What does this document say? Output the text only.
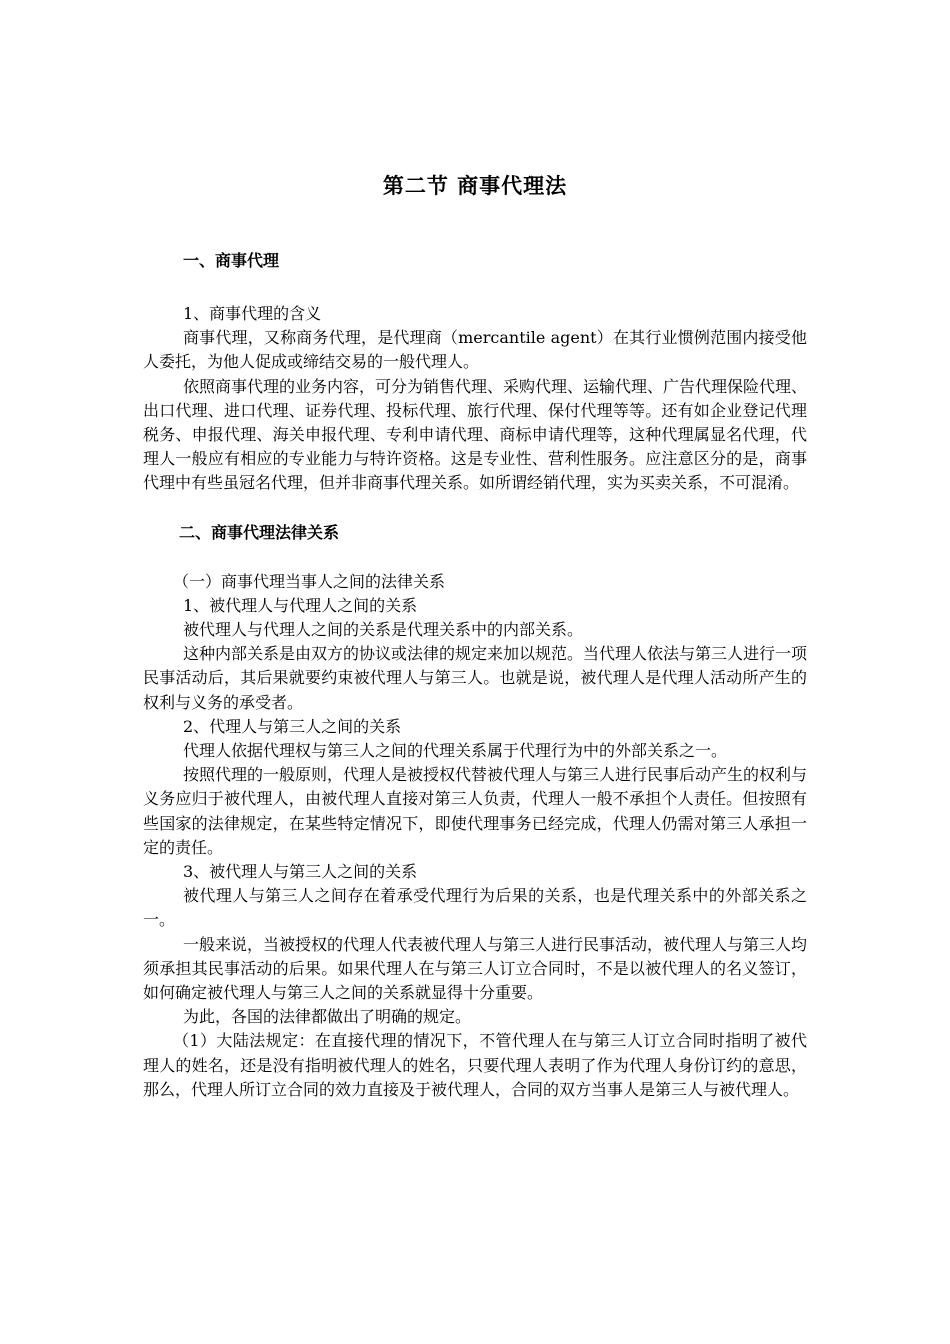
第二节 商事代理法
一、商事代理

1、商事代理的含义

商事代理，又称商务代理，是代理商（mercantile agent）在其行业惯例范围内接受他人委托，为他人促成或缔结交易的一般代理人。

依照商事代理的业务内容，可分为销售代理、采购代理、运输代理、广告代理保险代理、出口代理、进口代理、证券代理、投标代理、旅行代理、保付代理等等。还有如企业登记代理税务、申报代理、海关申报代理、专利申请代理、商标申请代理等，这种代理属显名代理，代理人一般应有相应的专业能力与特许资格。这是专业性、营利性服务。应注意区分的是，商事代理中有些虽冠名代理，但并非商事代理关系。如所谓经销代理，实为买卖关系，不可混淆。

二、商事代理法律关系

（一）商事代理当事人之间的法律关系

1、被代理人与代理人之间的关系

被代理人与代理人之间的关系是代理关系中的内部关系。

这种内部关系是由双方的协议或法律的规定来加以规范。当代理人依法与第三人进行一项民事活动后，其后果就要约束被代理人与第三人。也就是说，被代理人是代理人活动所产生的权利与义务的承受者。

2、代理人与第三人之间的关系

代理人依据代理权与第三人之间的代理关系属于代理行为中的外部关系之一。

按照代理的一般原则，代理人是被授权代替被代理人与第三人进行民事后动产生的权利与义务应归于被代理人，由被代理人直接对第三人负责，代理人一般不承担个人责任。但按照有些国家的法律规定，在某些特定情况下，即使代理事务已经完成，代理人仍需对第三人承担一定的责任。

3、被代理人与第三人之间的关系

被代理人与第三人之间存在着承受代理行为后果的关系，也是代理关系中的外部关系之一。

一般来说，当被授权的代理人代表被代理人与第三人进行民事活动，被代理人与第三人均须承担其民事活动的后果。如果代理人在与第三人订立合同时，不是以被代理人的名义签订，如何确定被代理人与第三人之间的关系就显得十分重要。

为此，各国的法律都做出了明确的规定。

（1）大陆法规定：在直接代理的情况下，不管代理人在与第三人订立合同时指明了被代理人的姓名，还是没有指明被代理人的姓名，只要代理人表明了作为代理人身份订约的意思，那么，代理人所订立合同的效力直接及于被代理人，合同的双方当事人是第三人与被代理人。
